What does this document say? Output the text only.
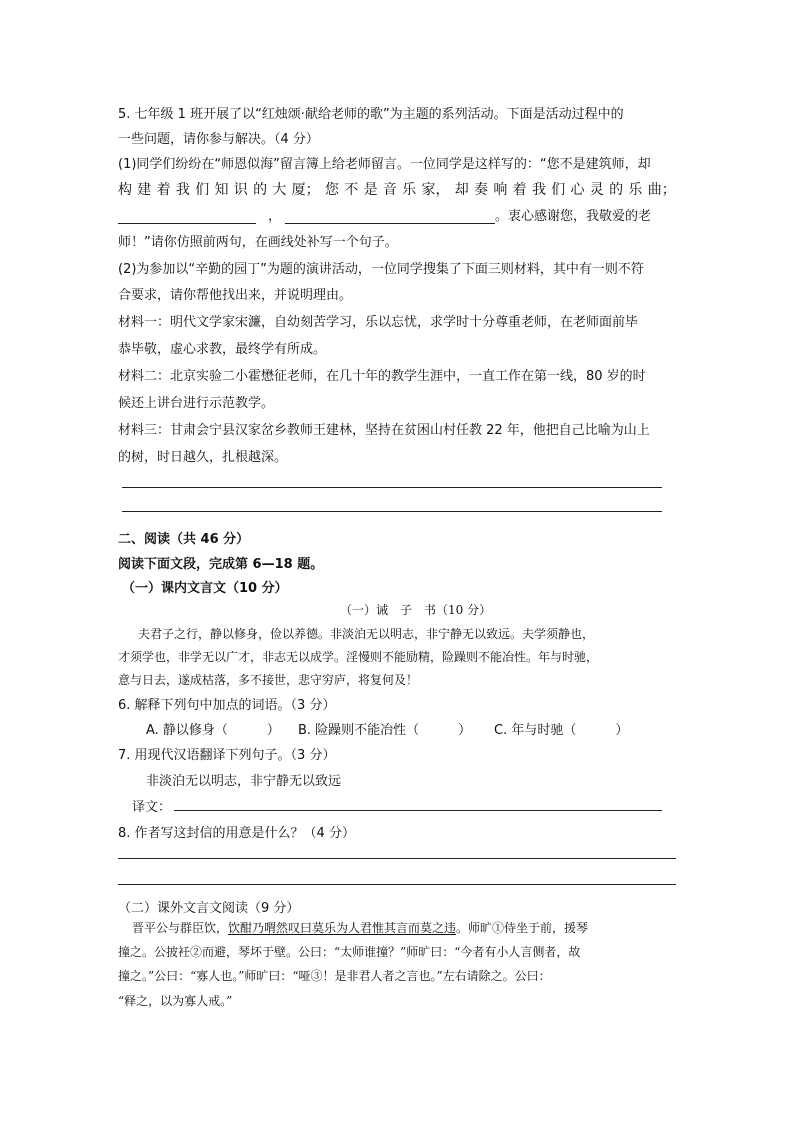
5. 七年级 1 班开展了以“红烛颂·献给老师的歌”为主题的系列活动。下面是活动过程中的
一些问题，请你参与解决。（4 分）
(1)同学们纷纷在“师恩似海”留言簿上给老师留言。一位同学是这样写的：“您不是建筑师，却
构 建 着 我 们 知 识 的 大 厦； 您 不 是 音 乐 家， 却 奏 响 着 我 们 心 灵 的 乐 曲；
，	。衷心感谢您，我敬爱的老
师！”请你仿照前两句，在画线处补写一个句子。
(2)为参加以“辛勤的园丁”为题的演讲活动，一位同学搜集了下面三则材料，其中有一则不符
合要求，请你帮他找出来，并说明理由。
材料一：明代文学家宋濂，自幼刻苦学习，乐以忘忧，求学时十分尊重老师，在老师面前毕
恭毕敬，虚心求教，最终学有所成。
材料二：北京实验二小霍懋征老师，在几十年的教学生涯中，一直工作在第一线，80 岁的时
候还上讲台进行示范教学。
材料三：甘肃会宁县汉家岔乡教师王建林，坚持在贫困山村任教 22 年，他把自己比喻为山上
的树，时日越久，扎根越深。
二、阅读（共 46 分）
阅读下面文段，完成第 6—18 题。
（一）课内文言文（10 分）
（一）诫　子　书（10 分）
夫君子之行，静以修身，俭以养德。非淡泊无以明志，非宁静无以致远。夫学须静也，
才须学也，非学无以广才，非志无以成学。淫慢则不能励精，险躁则不能冶性。年与时驰，
意与日去，遂成枯落，多不接世，悲守穷庐，将复何及！
6. 解释下列句中加点的词语。（3 分）
A. 静以修身（　　　） B. 险躁则不能冶性（　　　） C. 年与时驰（　　　）
7. 用现代汉语翻译下列句子。（3 分）
非淡泊无以明志，非宁静无以致远
译文：
8. 作者写这封信的用意是什么？（4 分）
（二）课外文言文阅读（9 分）
晋平公与群臣饮，饮酣乃喟然叹曰莫乐为人君惟其言而莫之违。师旷①侍坐于前，援琴
撞之。公披衽②而避，琴坏于壁。公曰：“太师谁撞？”师旷曰：“今者有小人言侧者，故
撞之。”公曰：“寡人也。”师旷曰：“哑③！是非君人者之言也。”左右请除之。公曰：
“释之，以为寡人戒。”
